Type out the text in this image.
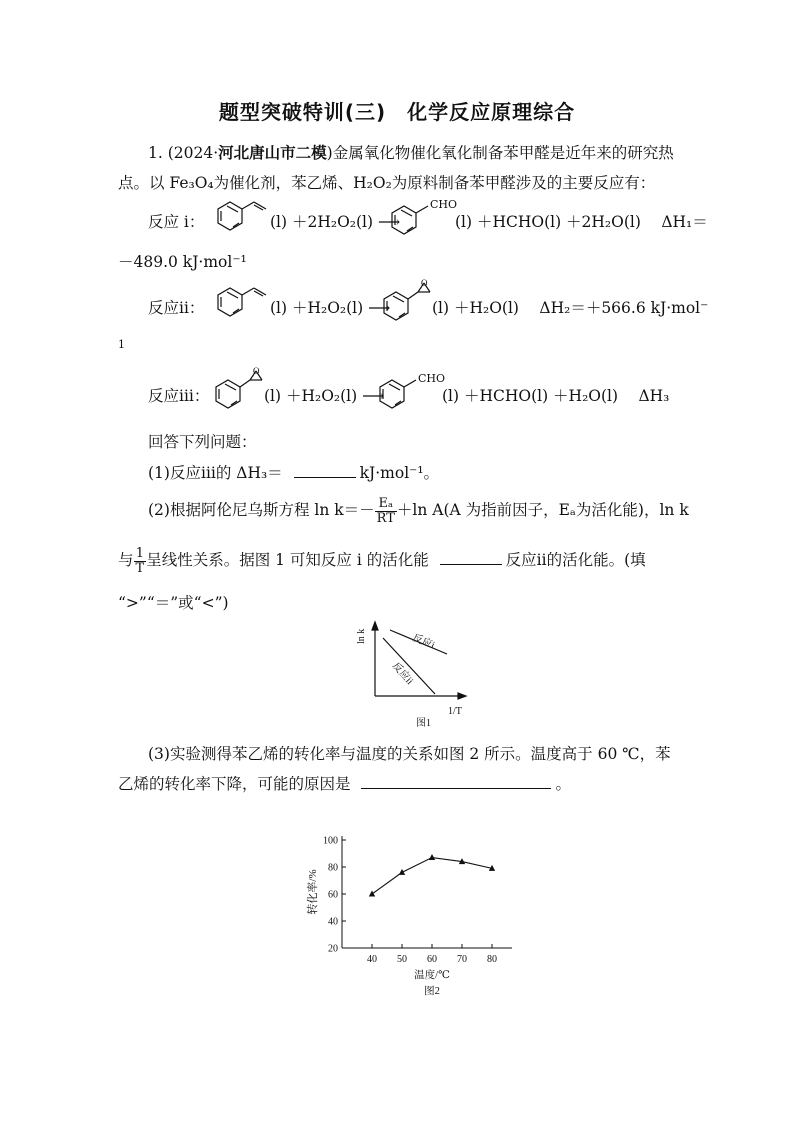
题型突破特训(三)　化学反应原理综合
1. (2024·河北唐山市二模)金属氧化物催化氧化制备苯甲醛是近年来的研究热
点。以 Fe₃O₄为催化剂，苯乙烯、H₂O₂为原料制备苯甲醛涉及的主要反应有：
反应 ⅰ：	(l) ＋2H₂O₂(l) ⟶
CHO
(l) ＋HCHO(l) ＋2H₂O(l)　 ΔH₁＝
－489.0 kJ·mol⁻¹
反应ⅱ：	(l) ＋H₂O₂(l) ⟶
O
(l) ＋H₂O(l)　 ΔH₂＝＋566.6 kJ·mol⁻
1
反应ⅲ：
O
(l) ＋H₂O₂(l) ⟶
CHO
(l) ＋HCHO(l) ＋H₂O(l)　 ΔH₃
回答下列问题：
(1)反应ⅲ的 ΔH₃＝	kJ·mol⁻¹。
(2)根据阿伦尼乌斯方程 $\ln k=- \frac{\text{Eₐ}}{RT} +\ln$ A(A 为指前因子，Eₐ为活化能)，ln k
与 $\frac{1}{T}$ 呈线性关系。据图 1 可知反应 ⅰ 的活化能	反应ⅱ的活化能。(填
“>”“＝”或“<”)
ln k
1/T
反应i
反应ii
图1
(3)实验测得苯乙烯的转化率与温度的关系如图 2 所示。温度高于 60 ℃，苯
乙烯的转化率下降，可能的原因是	。
20
40
60
80
100
40 50 60 70 80
转化率/%
温度/℃
图2
